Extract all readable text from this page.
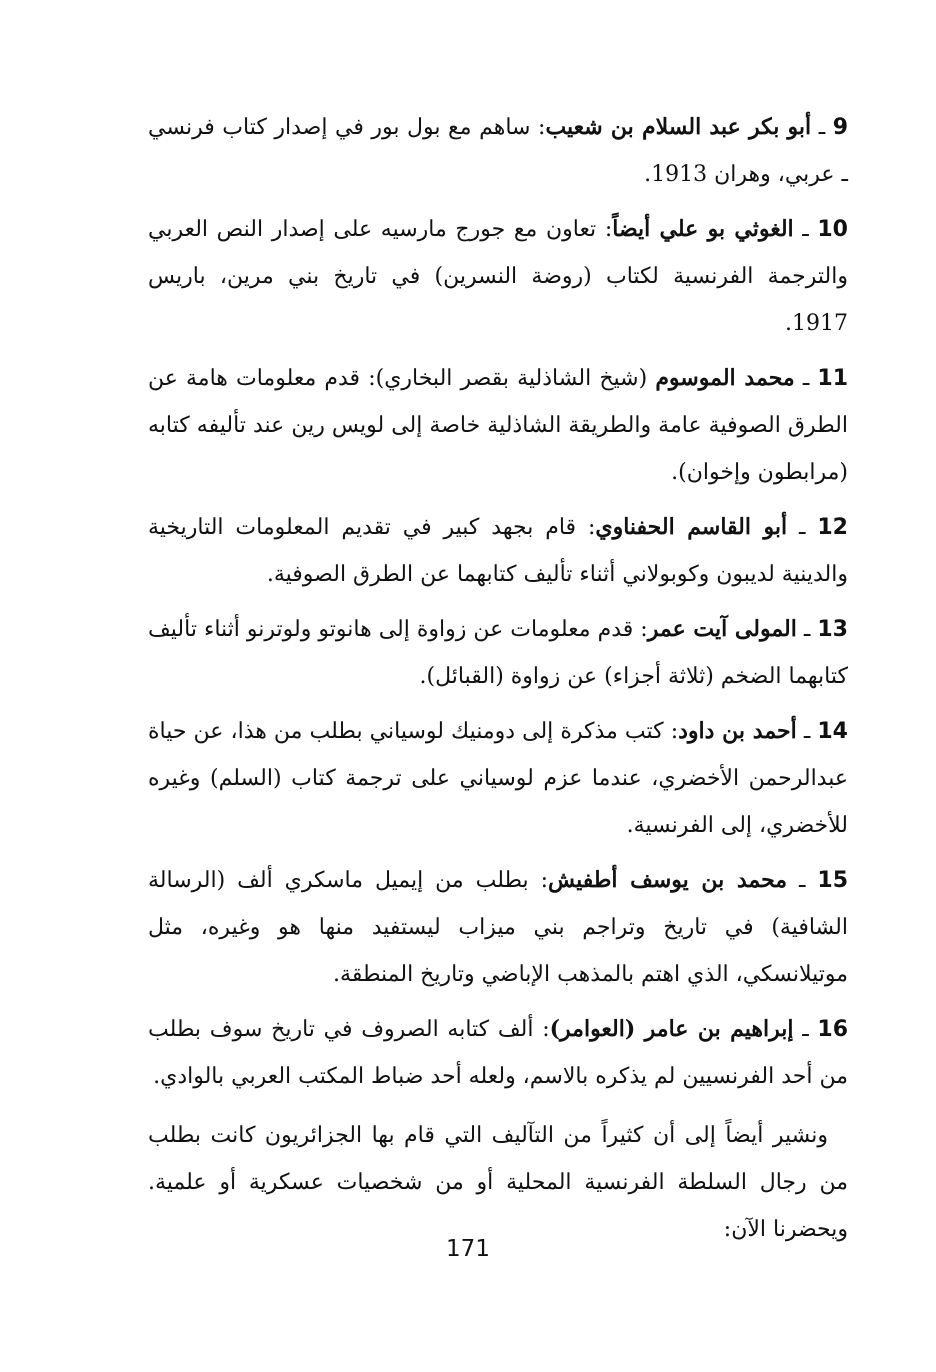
9 ـ أبو بكر عبد السلام بن شعيب: ساهم مع بول بور في إصدار كتاب فرنسي ـ عربي، وهران 1913.

10 ـ الغوثي بو علي أيضاً: تعاون مع جورج مارسيه على إصدار النص العربي والترجمة الفرنسية لكتاب (روضة النسرين) في تاريخ بني مرين، باريس 1917.

11 ـ محمد الموسوم (شيخ الشاذلية بقصر البخاري): قدم معلومات هامة عن الطرق الصوفية عامة والطريقة الشاذلية خاصة إلى لويس رين عند تأليفه كتابه (مرابطون وإخوان).

12 ـ أبو القاسم الحفناوي: قام بجهد كبير في تقديم المعلومات التاريخية والدينية لديبون وكوبولاني أثناء تأليف كتابهما عن الطرق الصوفية.

13 ـ المولى آيت عمر: قدم معلومات عن زواوة إلى هانوتو ولوترنو أثناء تأليف كتابهما الضخم (ثلاثة أجزاء) عن زواوة (القبائل).

14 ـ أحمد بن داود: كتب مذكرة إلى دومنيك لوسياني بطلب من هذا، عن حياة عبدالرحمن الأخضري، عندما عزم لوسياني على ترجمة كتاب (السلم) وغيره للأخضري، إلى الفرنسية.

15 ـ محمد بن يوسف أطفيش: بطلب من إيميل ماسكري ألف (الرسالة الشافية) في تاريخ وتراجم بني ميزاب ليستفيد منها هو وغيره، مثل موتيلانسكي، الذي اهتم بالمذهب الإباضي وتاريخ المنطقة.

16 ـ إبراهيم بن عامر (العوامر): ألف كتابه الصروف في تاريخ سوف بطلب من أحد الفرنسيين لم يذكره بالاسم، ولعله أحد ضباط المكتب العربي بالوادي.

ونشير أيضاً إلى أن كثيراً من التآليف التي قام بها الجزائريون كانت بطلب من رجال السلطة الفرنسية المحلية أو من شخصيات عسكرية أو علمية. ويحضرنا الآن:

171
